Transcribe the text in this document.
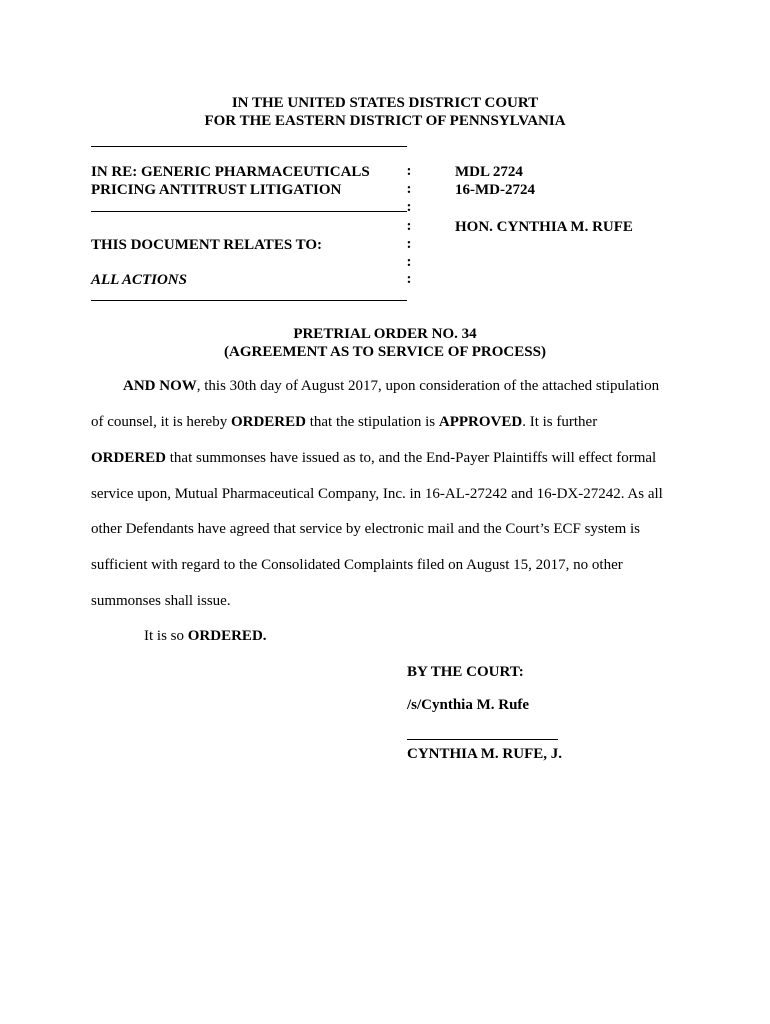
IN THE UNITED STATES DISTRICT COURT
FOR THE EASTERN DISTRICT OF PENNSYLVANIA
IN RE: GENERIC PHARMACEUTICALS
PRICING ANTITRUST LITIGATION
THIS DOCUMENT RELATES TO:
ALL ACTIONS
:
:
:
:
:
:
:
MDL 2724
16-MD-2724
HON. CYNTHIA M. RUFE
PRETRIAL ORDER NO. 34
(AGREEMENT AS TO SERVICE OF PROCESS)
AND NOW, this 30th day of August 2017, upon consideration of the attached stipulation
of counsel, it is hereby ORDERED that the stipulation is APPROVED. It is further
ORDERED that summonses have issued as to, and the End-Payer Plaintiffs will effect formal
service upon, Mutual Pharmaceutical Company, Inc. in 16-AL-27242 and 16-DX-27242. As all
other Defendants have agreed that service by electronic mail and the Court’s ECF system is
sufficient with regard to the Consolidated Complaints filed on August 15, 2017, no other
summonses shall issue.
It is so ORDERED.
BY THE COURT:
/s/Cynthia M. Rufe
CYNTHIA M. RUFE, J.
